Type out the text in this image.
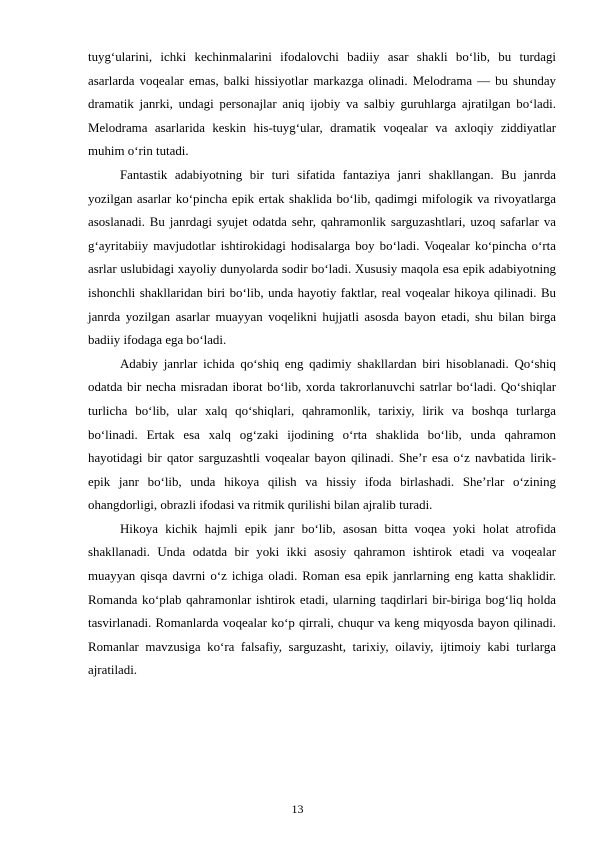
tuyg‘ularini, ichki kechinmalarini ifodalovchi badiiy asar shakli bo‘lib, bu turdagi asarlarda voqealar emas, balki hissiyotlar markazga olinadi. Melodrama — bu shunday dramatik janrki, undagi personajlar aniq ijobiy va salbiy guruhlarga ajratilgan bo‘ladi. Melodrama asarlarida keskin his-tuyg‘ular, dramatik voqealar va axloqiy ziddiyatlar muhim o‘rin tutadi.

Fantastik adabiyotning bir turi sifatida fantaziya janri shakllangan. Bu janrda yozilgan asarlar ko‘pincha epik ertak shaklida bo‘lib, qadimgi mifologik va rivoyatlarga asoslanadi. Bu janrdagi syujet odatda sehr, qahramonlik sarguzashtlari, uzoq safarlar va g‘ayritabiiy mavjudotlar ishtirokidagi hodisalarga boy bo‘ladi. Voqealar ko‘pincha o‘rta asrlar uslubidagi xayoliy dunyolarda sodir bo‘ladi. Xususiy maqola esa epik adabiyotning ishonchli shakllaridan biri bo‘lib, unda hayotiy faktlar, real voqealar hikoya qilinadi. Bu janrda yozilgan asarlar muayyan voqelikni hujjatli asosda bayon etadi, shu bilan birga badiiy ifodaga ega bo‘ladi.

Adabiy janrlar ichida qo‘shiq eng qadimiy shakllardan biri hisoblanadi. Qo‘shiq odatda bir necha misradan iborat bo‘lib, xorda takrorlanuvchi satrlar bo‘ladi. Qo‘shiqlar turlicha bo‘lib, ular xalq qo‘shiqlari, qahramonlik, tarixiy, lirik va boshqa turlarga bo‘linadi. Ertak esa xalq og‘zaki ijodining o‘rta shaklida bo‘lib, unda qahramon hayotidagi bir qator sarguzashtli voqealar bayon qilinadi. She’r esa o‘z navbatida lirik-epik janr bo‘lib, unda hikoya qilish va hissiy ifoda birlashadi. She’rlar o‘zining ohangdorligi, obrazli ifodasi va ritmik qurilishi bilan ajralib turadi.

Hikoya kichik hajmli epik janr bo‘lib, asosan bitta voqea yoki holat atrofida shakllanadi. Unda odatda bir yoki ikki asosiy qahramon ishtirok etadi va voqealar muayyan qisqa davrni o‘z ichiga oladi. Roman esa epik janrlarning eng katta shaklidir. Romanda ko‘plab qahramonlar ishtirok etadi, ularning taqdirlari bir-biriga bog‘liq holda tasvirlanadi. Romanlarda voqealar ko‘p qirrali, chuqur va keng miqyosda bayon qilinadi. Romanlar mavzusiga ko‘ra falsafiy, sarguzasht, tarixiy, oilaviy, ijtimoiy kabi turlarga ajratiladi.

13
